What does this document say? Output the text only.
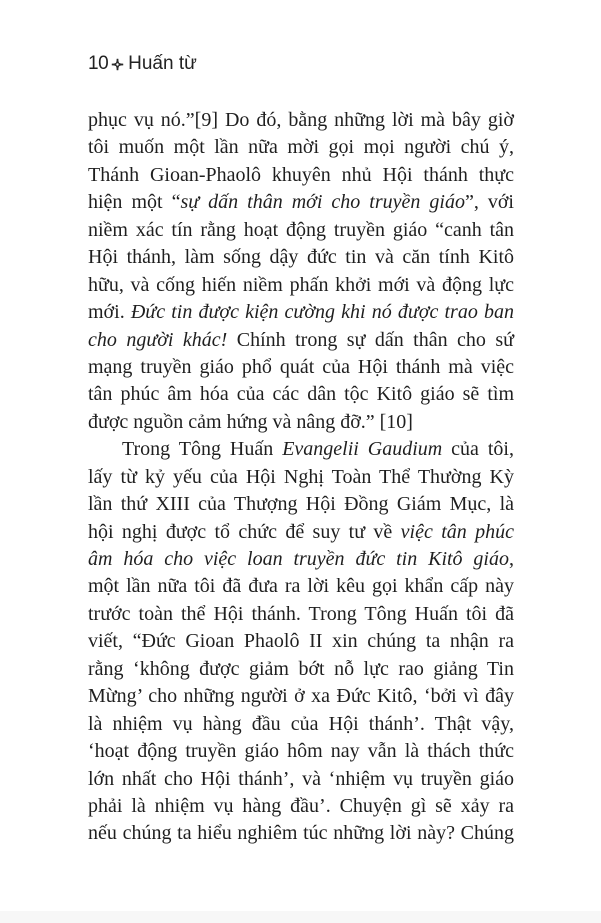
10 Huấn từ
phục vụ nó.”[9] Do đó, bằng những lời mà bây giờ
tôi muốn một lần nữa mời gọi mọi người chú ý,
Thánh Gioan-Phaolô khuyên nhủ Hội thánh thực
hiện một “sự dấn thân mới cho truyền giáo”, với
niềm xác tín rằng hoạt động truyền giáo “canh tân
Hội thánh, làm sống dậy đức tin và căn tính Kitô
hữu, và cống hiến niềm phấn khởi mới và động lực
mới. Đức tin được kiện cường khi nó được trao ban
cho người khác! Chính trong sự dấn thân cho sứ
mạng truyền giáo phổ quát của Hội thánh mà việc
tân phúc âm hóa của các dân tộc Kitô giáo sẽ tìm
được nguồn cảm hứng và nâng đỡ.” [10]
Trong Tông Huấn Evangelii Gaudium của tôi,
lấy từ kỷ yếu của Hội Nghị Toàn Thể Thường Kỳ
lần thứ XIII của Thượng Hội Đồng Giám Mục, là
hội nghị được tổ chức để suy tư về việc tân phúc
âm hóa cho việc loan truyền đức tin Kitô giáo,
một lần nữa tôi đã đưa ra lời kêu gọi khẩn cấp này
trước toàn thể Hội thánh. Trong Tông Huấn tôi đã
viết, “Đức Gioan Phaolô II xin chúng ta nhận ra
rằng ‘không được giảm bớt nỗ lực rao giảng Tin
Mừng’ cho những người ở xa Đức Kitô, ‘bởi vì đây
là nhiệm vụ hàng đầu của Hội thánh’. Thật vậy,
‘hoạt động truyền giáo hôm nay vẫn là thách thức
lớn nhất cho Hội thánh’, và ‘nhiệm vụ truyền giáo
phải là nhiệm vụ hàng đầu’. Chuyện gì sẽ xảy ra
nếu chúng ta hiểu nghiêm túc những lời này? Chúng
